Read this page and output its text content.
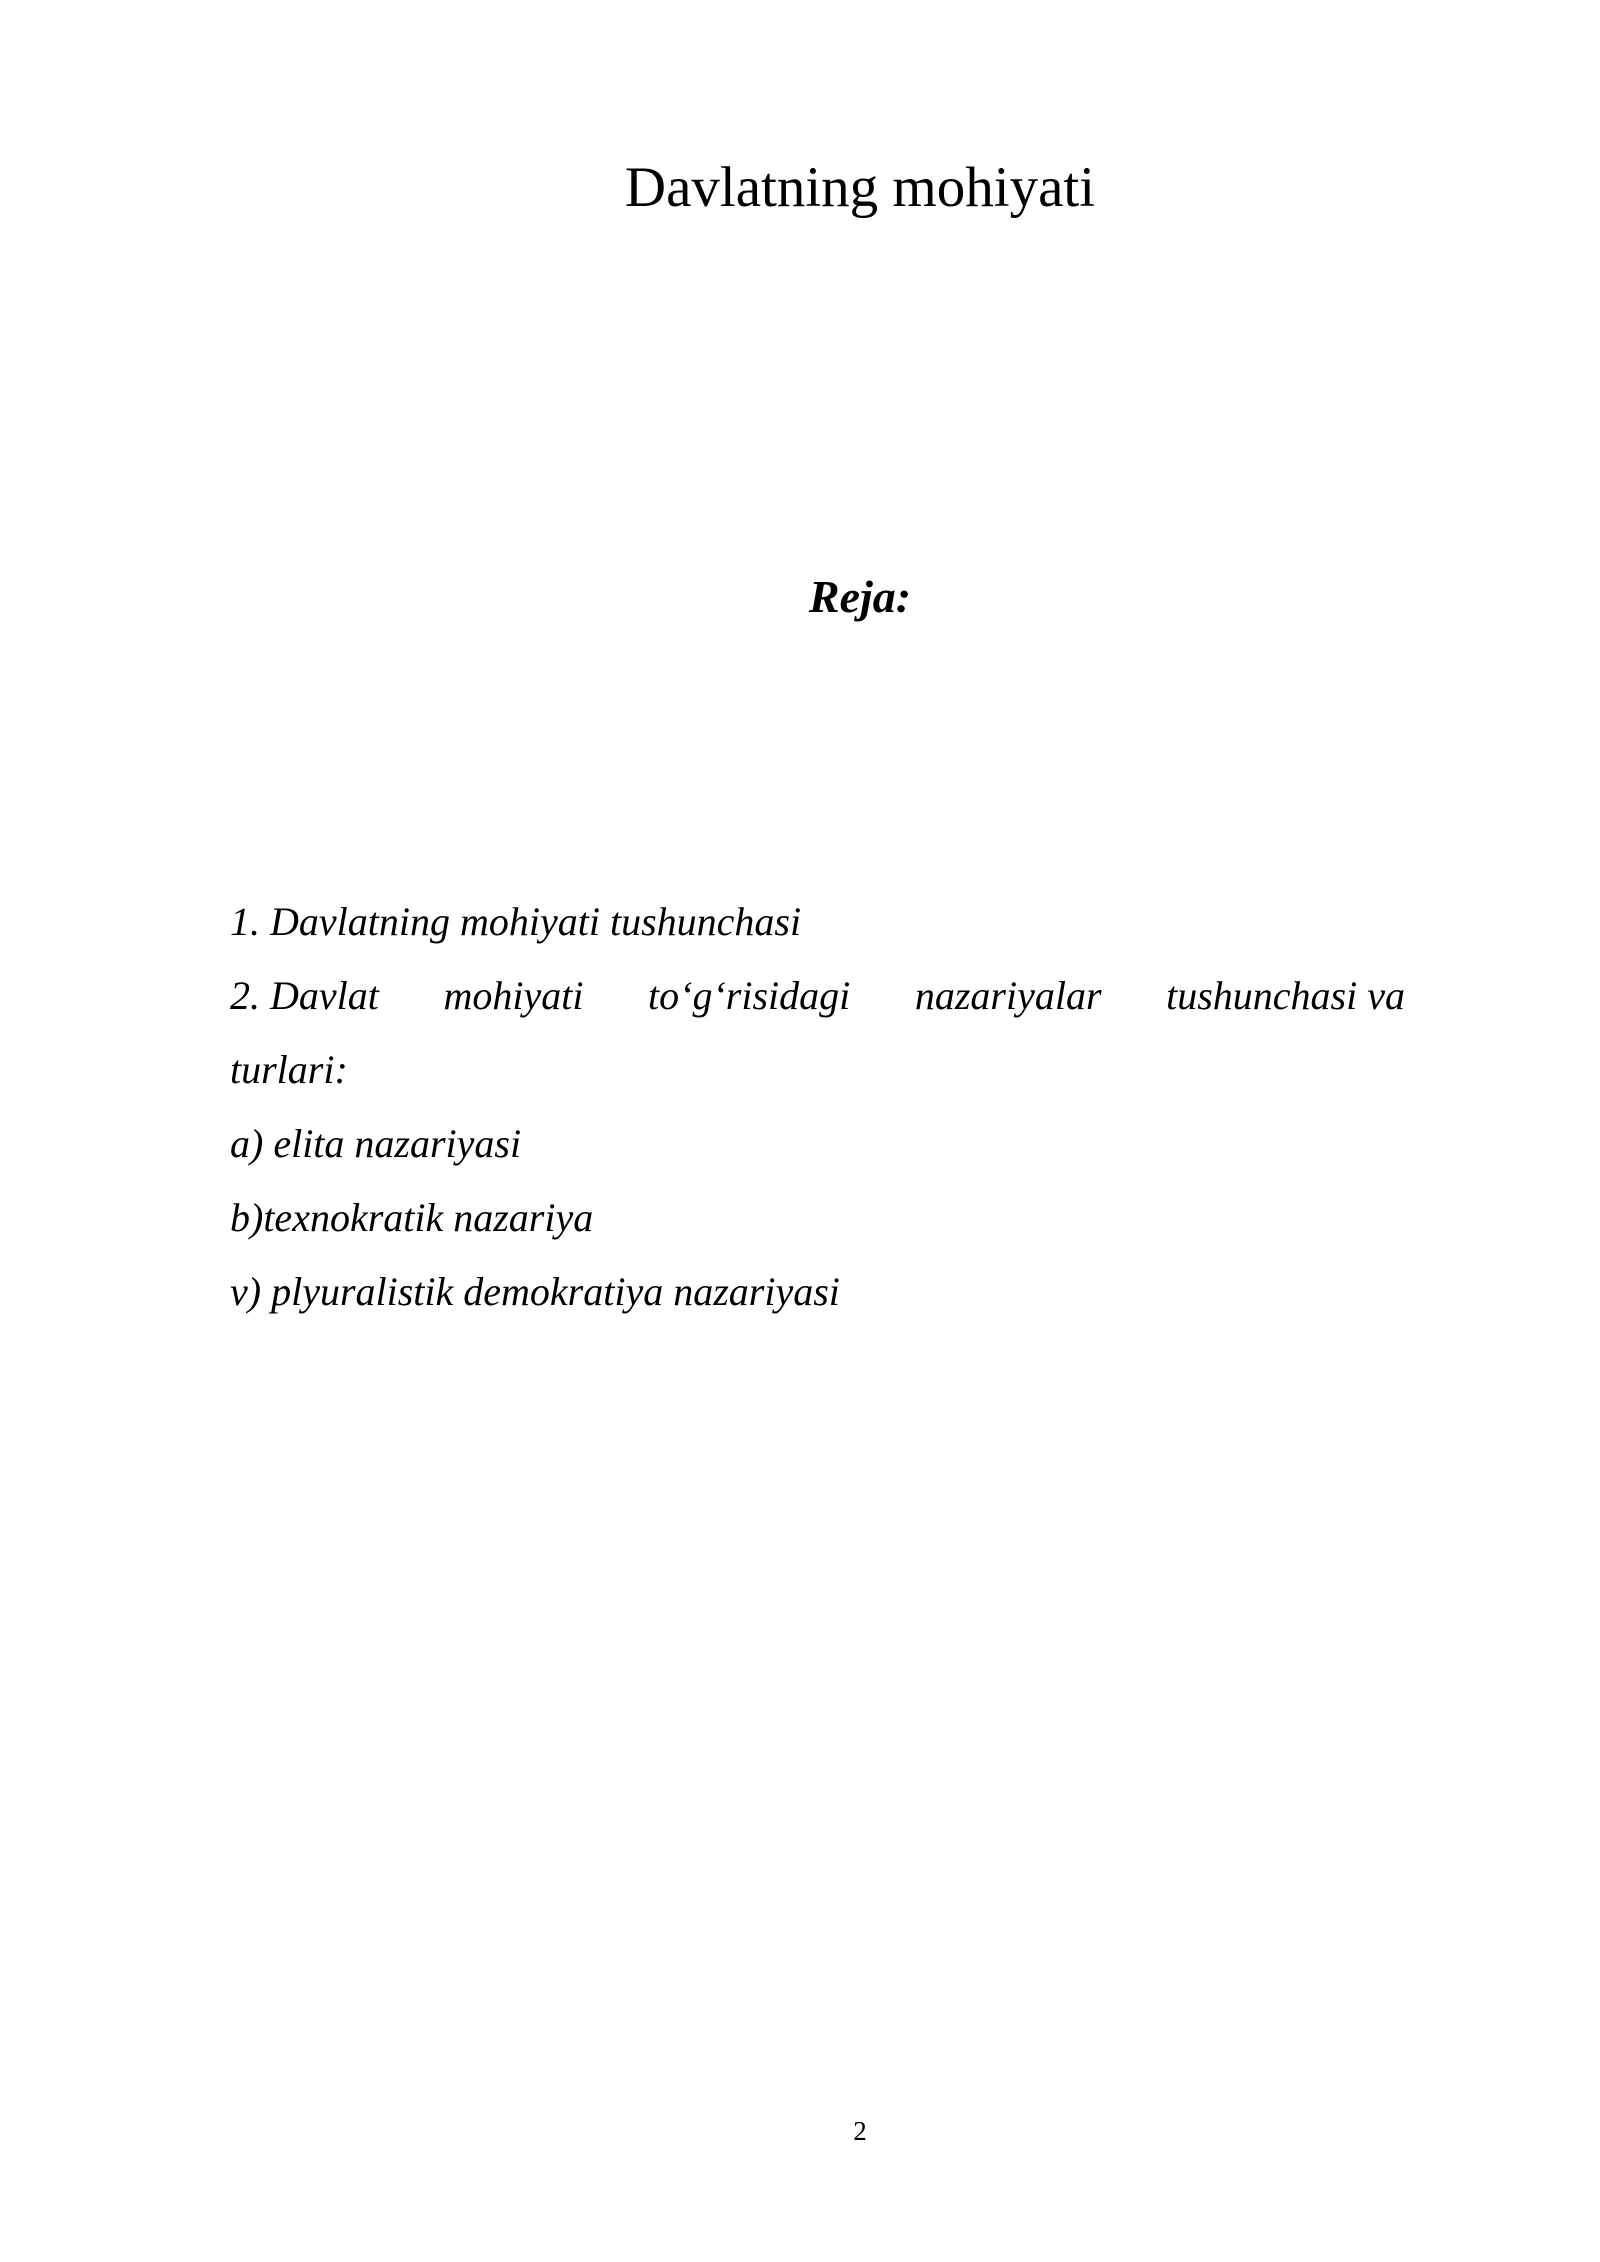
Davlatning mohiyati
Reja:
1. Davlatning mohiyati tushunchasi
2. Davlat mohiyati to‘g‘risidagi nazariyalar tushunchasi va
turlari:
a) elita nazariyasi
b)texnokratik nazariya
v) plyuralistik demokratiya nazariyasi
2
